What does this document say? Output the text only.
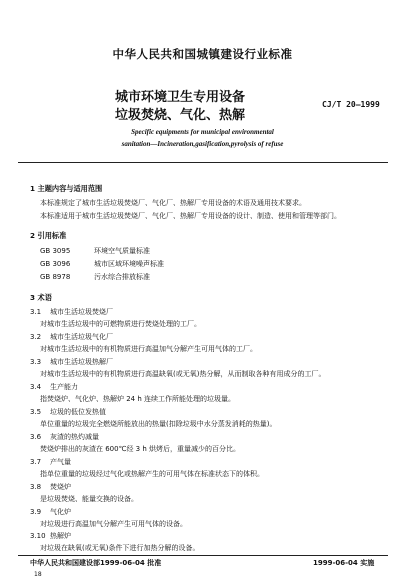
中华人民共和国城镇建设行业标准
城市环境卫生专用设备
垃圾焚烧、气化、热解
CJ/T 20—1999
Specific equipments for municipal environmental
sanitation—Incineration,gasification,pyrolysis of refuse
1 主题内容与适用范围
本标准规定了城市生活垃圾焚烧厂、气化厂、热解厂专用设备的术语及通用技术要求。
本标准适用于城市生活垃圾焚烧厂、气化厂、热解厂专用设备的设计、制造、使用和管理等部门。
2 引用标准
GB 3095	环境空气质量标准
GB 3096	城市区域环境噪声标准
GB 8978	污水综合排放标准
3 术语
3.1 城市生活垃圾焚烧厂
对城市生活垃圾中的可燃物质进行焚烧处理的工厂。
3.2 城市生活垃圾气化厂
对城市生活垃圾中的有机物质进行高温加气分解产生可用气体的工厂。
3.3 城市生活垃圾热解厂
对城市生活垃圾中的有机物质进行高温缺氧(或无氧)热分解，从而制取各种有用成分的工厂。
3.4 生产能力
指焚烧炉、气化炉、热解炉 24 h 连续工作所能处理的垃圾量。
3.5 垃圾的低位发热值
单位重量的垃圾完全燃烧所能放出的热量(扣除垃圾中水分蒸发消耗的热量)。
3.6 灰渣的热灼减量
焚烧炉排出的灰渣在 600℃经 3 h 烘烤后，重量减少的百分比。
3.7 产气量
指单位重量的垃圾经过气化或热解产生的可用气体在标准状态下的体积。
3.8 焚烧炉
是垃圾焚烧、能量交换的设备。
3.9 气化炉
对垃圾进行高温加气分解产生可用气体的设备。
3.10 热解炉
对垃圾在缺氧(或无氧)条件下进行加热分解的设备。
中华人民共和国建设部1999-06-04 批准	1999-06-04 实施
18
